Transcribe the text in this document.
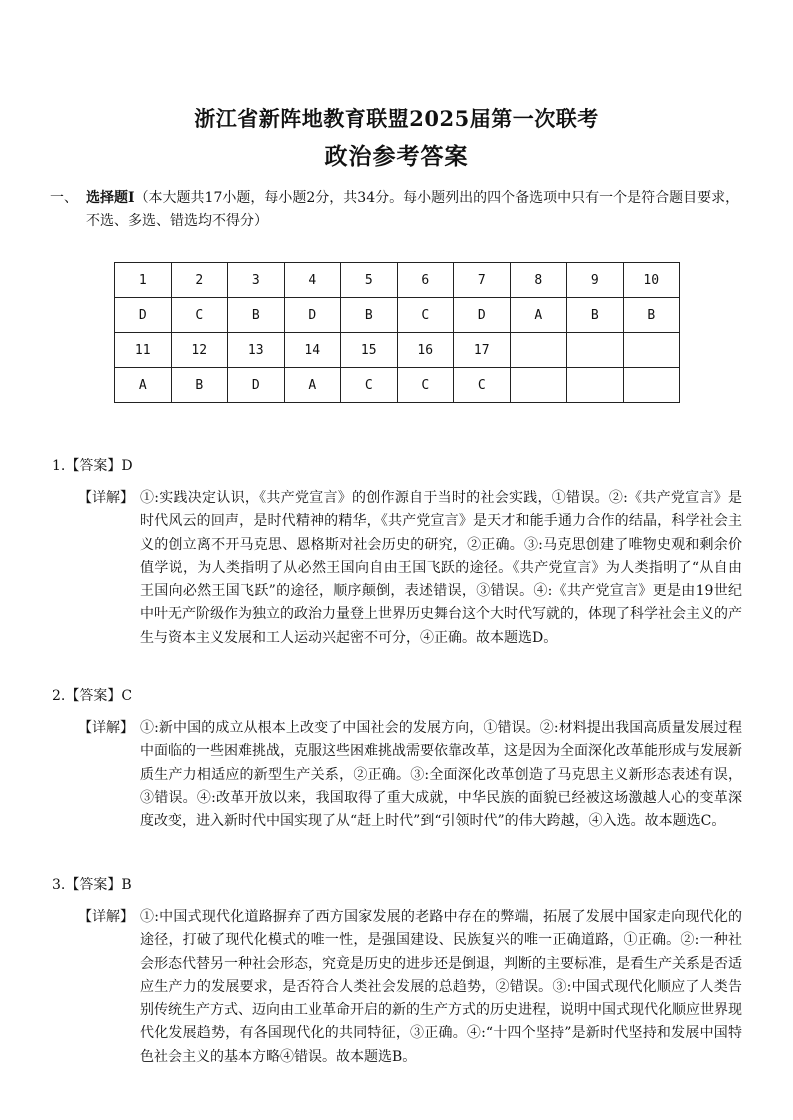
浙江省新阵地教育联盟2025届第一次联考
政治参考答案
一、 选择题I（本大题共17小题，每小题2分，共34分。每小题列出的四个备选项中只有一个是符合题目要求，不选、多选、错选均不得分）
1	2	3	4	5	6	7	8	9	10
D	C	B	D	B	C	D	A	B	B
11	12	13	14	15	16	17			
A	B	D	A	C	C	C			
1.【答案】D
【详解】 ①:实践决定认识，《共产党宣言》的创作源自于当时的社会实践，①错误。②:《共产党宣言》是时代风云的回声，是时代精神的精华，《共产党宣言》是天才和能手通力合作的结晶，科学社会主义的创立离不开马克思、恩格斯对社会历史的研究，②正确。③:马克思创建了唯物史观和剩余价值学说，为人类指明了从必然王国向自由王国飞跃的途径。《共产党宣言》为人类指明了“从自由王国向必然王国飞跃”的途径，顺序颠倒，表述错误，③错误。④:《共产党宣言》更是由19世纪中叶无产阶级作为独立的政治力量登上世界历史舞台这个大时代写就的，体现了科学社会主义的产生与资本主义发展和工人运动兴起密不可分，④正确。故本题选D。
2.【答案】C
【详解】 ①:新中国的成立从根本上改变了中国社会的发展方向，①错误。②:材料提出我国高质量发展过程中面临的一些困难挑战，克服这些困难挑战需要依靠改革，这是因为全面深化改革能形成与发展新质生产力相适应的新型生产关系，②正确。③:全面深化改革创造了马克思主义新形态表述有误，③错误。④:改革开放以来，我国取得了重大成就，中华民族的面貌已经被这场激越人心的变革深度改变，进入新时代中国实现了从“赶上时代”到“引领时代”的伟大跨越，④入选。故本题选C。
3.【答案】B
【详解】 ①:中国式现代化道路摒弃了西方国家发展的老路中存在的弊端，拓展了发展中国家走向现代化的途径，打破了现代化模式的唯一性，是强国建设、民族复兴的唯一正确道路，①正确。②:一种社会形态代替另一种社会形态，究竟是历史的进步还是倒退，判断的主要标准，是看生产关系是否适应生产力的发展要求，是否符合人类社会发展的总趋势，②错误。③:中国式现代化顺应了人类告别传统生产方式、迈向由工业革命开启的新的生产方式的历史进程，说明中国式现代化顺应世界现代化发展趋势，有各国现代化的共同特征，③正确。④:“十四个坚持”是新时代坚持和发展中国特色社会主义的基本方略④错误。故本题选B。
